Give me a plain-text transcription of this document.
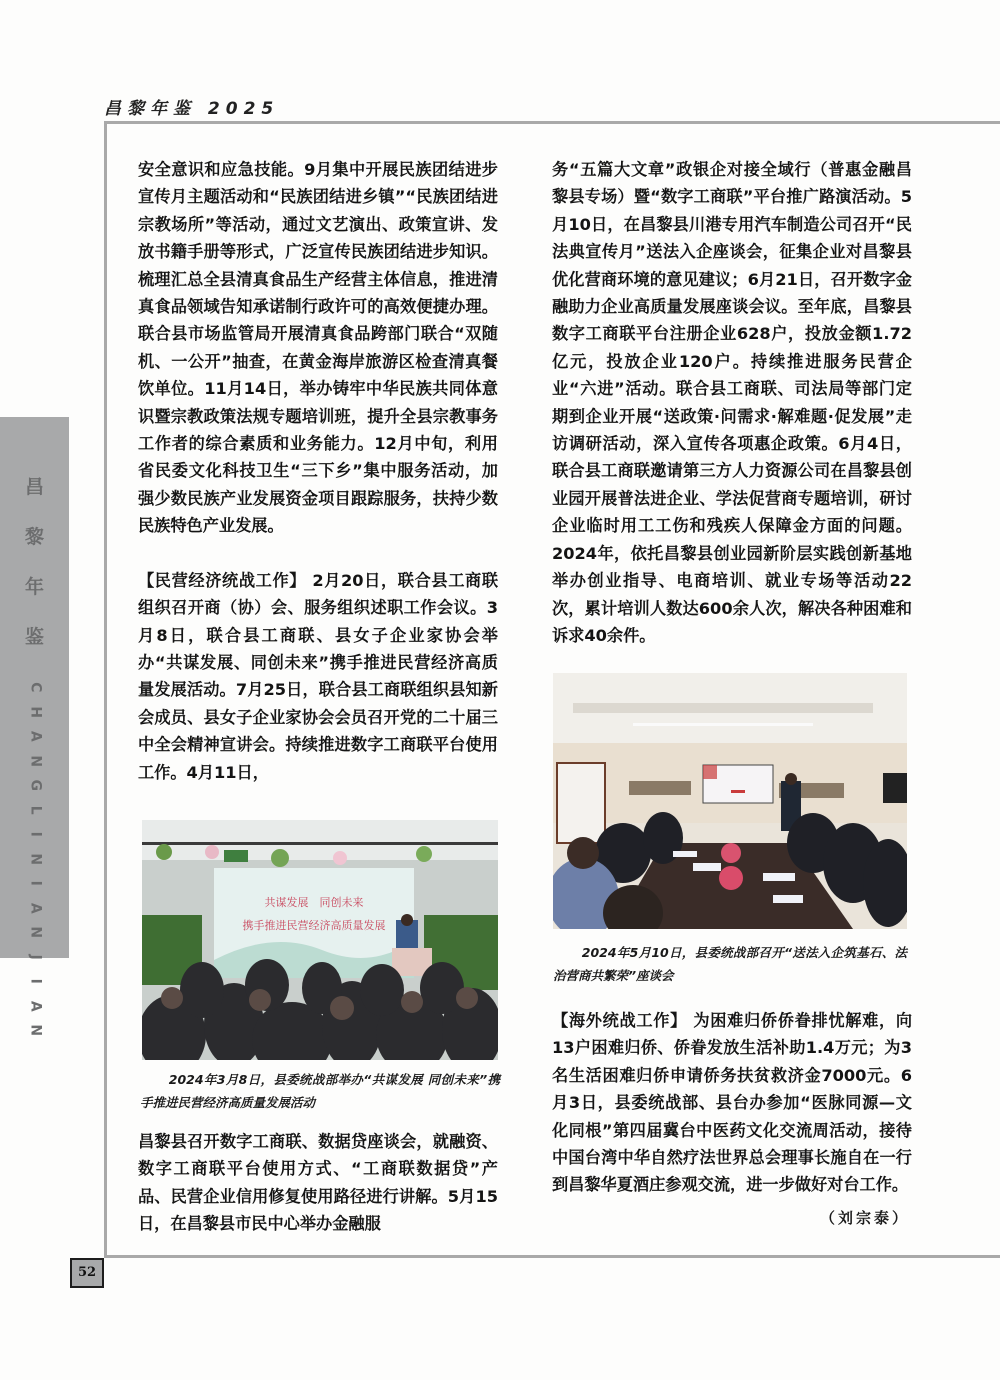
昌黎年鉴 2025
昌
黎
年
鉴
C
H
A
N
G
L
I
N
I
A
N
J
I
A
N
52

安全意识和应急技能。9月集中开展民族团结进步宣传月主题活动和“民族团结进乡镇”“民族团结进宗教场所”等活动，通过文艺演出、政策宣讲、发放书籍手册等形式，广泛宣传民族团结进步知识。梳理汇总全县清真食品生产经营主体信息，推进清真食品领域告知承诺制行政许可的高效便捷办理。联合县市场监管局开展清真食品跨部门联合“双随机、一公开”抽查，在黄金海岸旅游区检查清真餐饮单位。11月14日，举办铸牢中华民族共同体意识暨宗教政策法规专题培训班，提升全县宗教事务工作者的综合素质和业务能力。12月中旬，利用省民委文化科技卫生“三下乡”集中服务活动，加强少数民族产业发展资金项目跟踪服务，扶持少数民族特色产业发展。

【民营经济统战工作】 2月20日，联合县工商联组织召开商（协）会、服务组织述职工作会议。3月8日，联合县工商联、县女子企业家协会举办“共谋发展、同创未来”携手推进民营经济高质量发展活动。7月25日，联合县工商联组织县知新会成员、县女子企业家协会会员召开党的二十届三中全会精神宣讲会。持续推进数字工商联平台使用工作。4月11日，

共谋发展　同创未来
携手推进民营经济高质量发展
2024年3月8日，县委统战部举办“共谋发展 同创未来”携手推进民营经济高质量发展活动

昌黎县召开数字工商联、数据贷座谈会，就融资、数字工商联平台使用方式、“工商联数据贷”产品、民营企业信用修复使用路径进行讲解。5月15日，在昌黎县市民中心举办金融服

务“五篇大文章”政银企对接全域行（普惠金融昌黎县专场）暨“数字工商联”平台推广路演活动。5月10日，在昌黎县川港专用汽车制造公司召开“民法典宣传月”送法入企座谈会，征集企业对昌黎县优化营商环境的意见建议；6月21日，召开数字金融助力企业高质量发展座谈会议。至年底，昌黎县数字工商联平台注册企业628户，投放金额1.72亿元，投放企业120户。持续推进服务民营企业“六进”活动。联合县工商联、司法局等部门定期到企业开展“送政策·问需求·解难题·促发展”走访调研活动，深入宣传各项惠企政策。6月4日，联合县工商联邀请第三方人力资源公司在昌黎县创业园开展普法进企业、学法促营商专题培训，研讨企业临时用工工伤和残疾人保障金方面的问题。2024年，依托昌黎县创业园新阶层实践创新基地举办创业指导、电商培训、就业专场等活动22次，累计培训人数达600余人次，解决各种困难和诉求40余件。

2024年5月10日，县委统战部召开“送法入企筑基石、法治营商共繁荣”座谈会

【海外统战工作】 为困难归侨侨眷排忧解难，向13户困难归侨、侨眷发放生活补助1.4万元；为3名生活困难归侨申请侨务扶贫救济金7000元。6月3日，县委统战部、县台办参加“医脉同源—文化同根”第四届冀台中医药文化交流周活动，接待中国台湾中华自然疗法世界总会理事长施自在一行到昌黎华夏酒庄参观交流，进一步做好对台工作。

（刘宗泰）
